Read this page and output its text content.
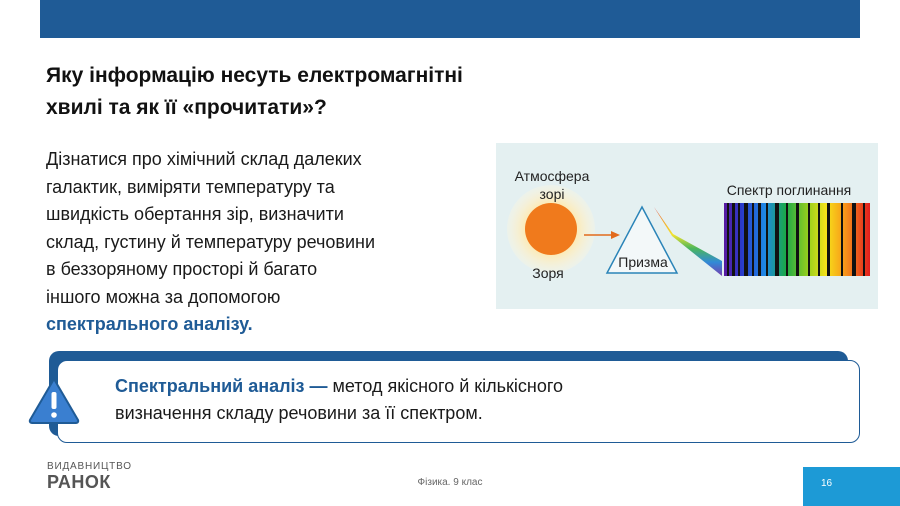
Яку інформацію несуть електромагнітні
хвилі та як її «прочитати»?
Дізнатися про хімічний склад далеких
галактик, виміряти температуру та
швидкість обертання зір, визначити
склад, густину й температуру речовини
в беззоряному просторі й багато
іншого можна за допомогою
спектрального аналізу.
Атмосфера
зорі
Зоря
Призма
Спектр поглинання
Спектральний аналіз — метод якісного й кількісного
визначення складу речовини за її спектром.
ВИДАВНИЦТВО
РАНОК	Фізика. 9 клас	16
